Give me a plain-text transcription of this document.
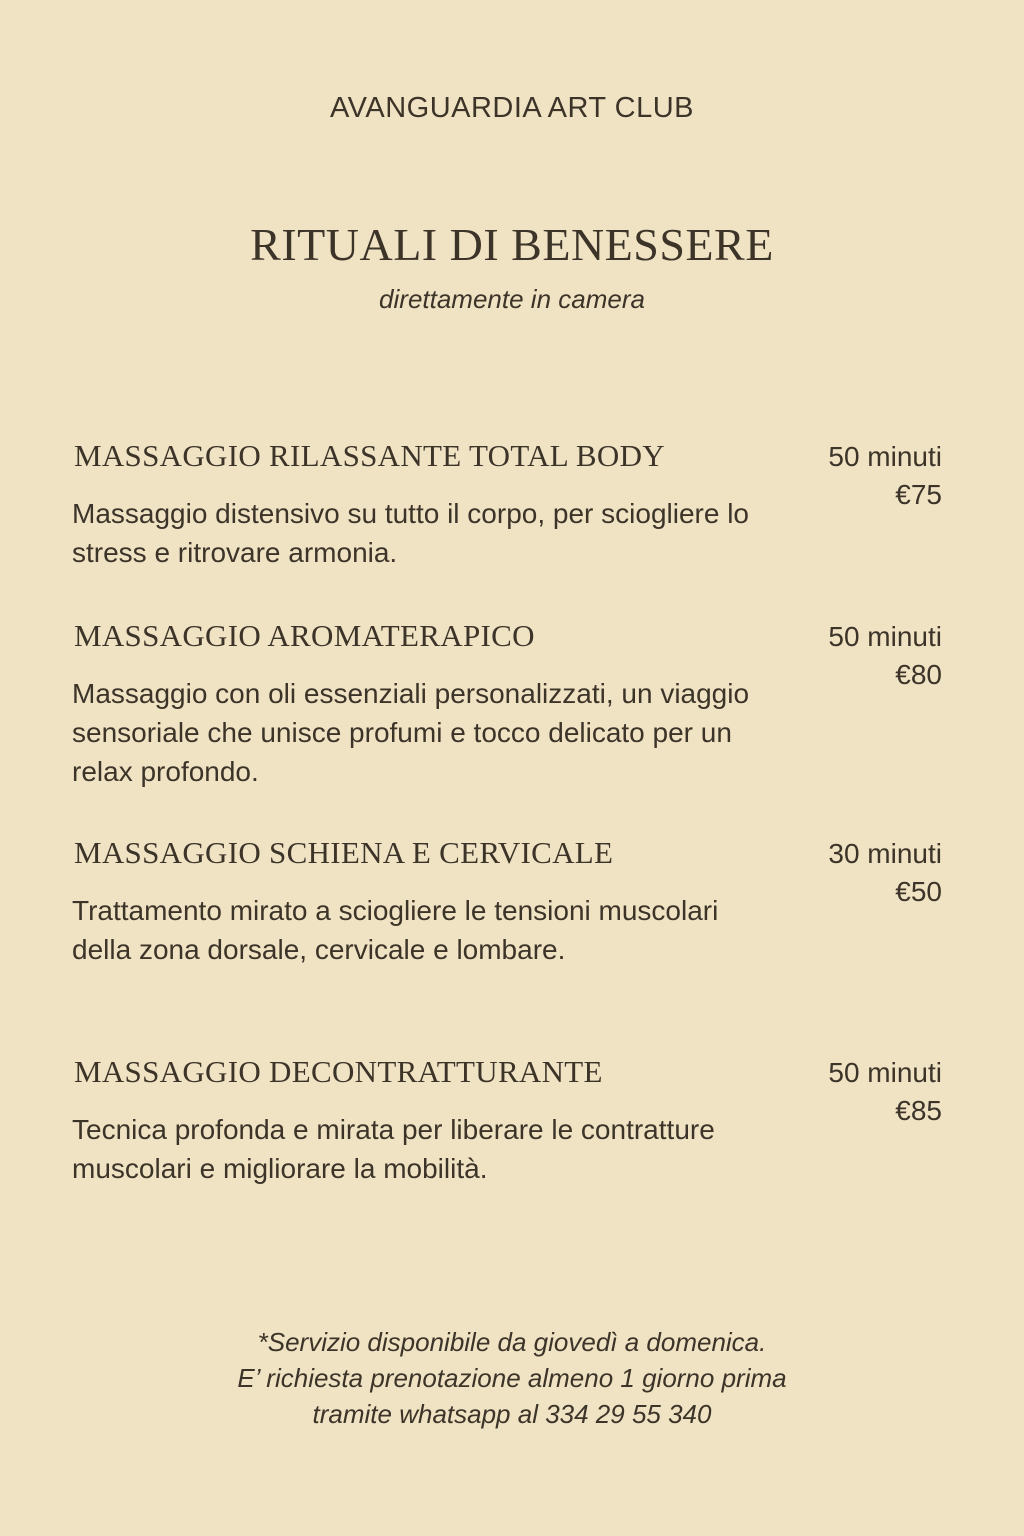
AVANGUARDIA ART CLUB
RITUALI DI BENESSERE
direttamente in camera
MASSAGGIO RILASSANTE TOTAL BODY
Massaggio distensivo su tutto il corpo, per sciogliere lo stress e ritrovare armonia.
50 minuti
€75
MASSAGGIO AROMATERAPICO
Massaggio con oli essenziali personalizzati, un viaggio sensoriale che unisce profumi e tocco delicato per un relax profondo.
50 minuti
€80
MASSAGGIO SCHIENA E CERVICALE
Trattamento mirato a sciogliere le tensioni muscolari della zona dorsale, cervicale e lombare.
30 minuti
€50
MASSAGGIO DECONTRATTURANTE
Tecnica profonda e mirata per liberare le contratture muscolari e migliorare la mobilità.
50 minuti
€85
*Servizio disponibile da giovedì a domenica.
E’ richiesta prenotazione almeno 1 giorno prima
tramite whatsapp al 334 29 55 340
